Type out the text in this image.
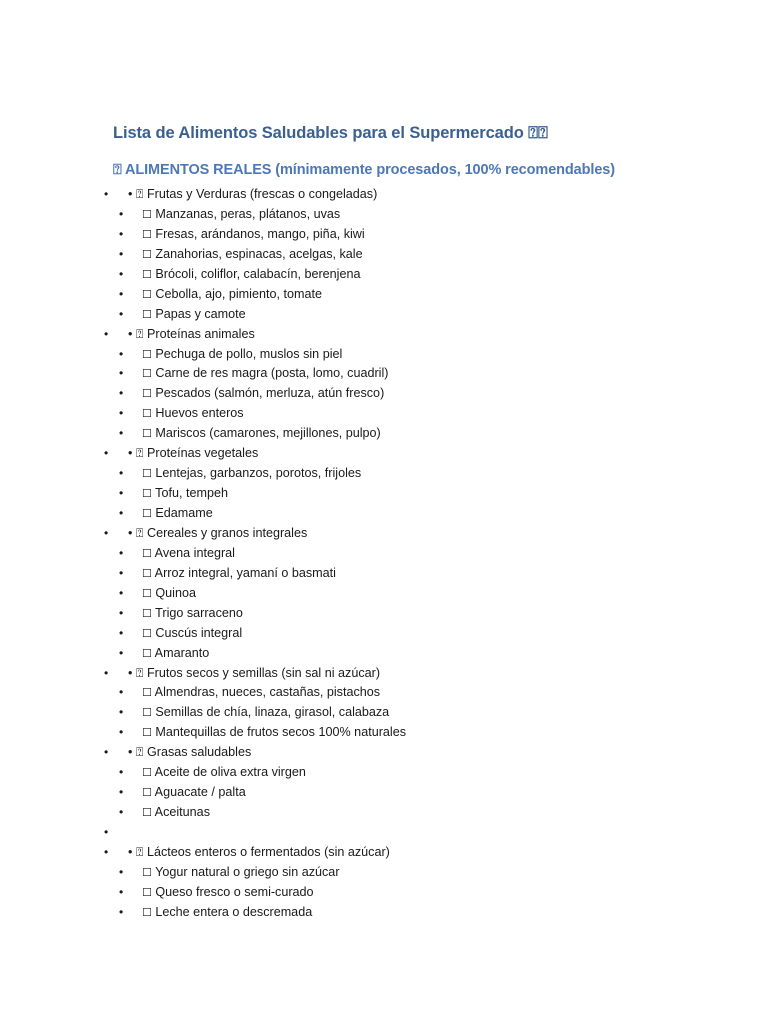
Lista de Alimentos Saludables para el Supermercado ⍰⍰
⍰ ALIMENTOS REALES (mínimamente procesados, 100% recomendables)
• • ⍰ Frutas y Verduras (frescas o congeladas)
• ☐ Manzanas, peras, plátanos, uvas
• ☐ Fresas, arándanos, mango, piña, kiwi
• ☐ Zanahorias, espinacas, acelgas, kale
• ☐ Brócoli, coliflor, calabacín, berenjena
• ☐ Cebolla, ajo, pimiento, tomate
• ☐ Papas y camote
• • ⍰ Proteínas animales
• ☐ Pechuga de pollo, muslos sin piel
• ☐ Carne de res magra (posta, lomo, cuadril)
• ☐ Pescados (salmón, merluza, atún fresco)
• ☐ Huevos enteros
• ☐ Mariscos (camarones, mejillones, pulpo)
• • ⍰ Proteínas vegetales
• ☐ Lentejas, garbanzos, porotos, frijoles
• ☐ Tofu, tempeh
• ☐ Edamame
• • ⍰ Cereales y granos integrales
• ☐ Avena integral
• ☐ Arroz integral, yamaní o basmati
• ☐ Quinoa
• ☐ Trigo sarraceno
• ☐ Cuscús integral
• ☐ Amaranto
• • ⍰ Frutos secos y semillas (sin sal ni azúcar)
• ☐ Almendras, nueces, castañas, pistachos
• ☐ Semillas de chía, linaza, girasol, calabaza
• ☐ Mantequillas de frutos secos 100% naturales
• • ⍰ Grasas saludables
• ☐ Aceite de oliva extra virgen
• ☐ Aguacate / palta
• ☐ Aceitunas
•
• • ⍰ Lácteos enteros o fermentados (sin azúcar)
• ☐ Yogur natural o griego sin azúcar
• ☐ Queso fresco o semi-curado
• ☐ Leche entera o descremada
